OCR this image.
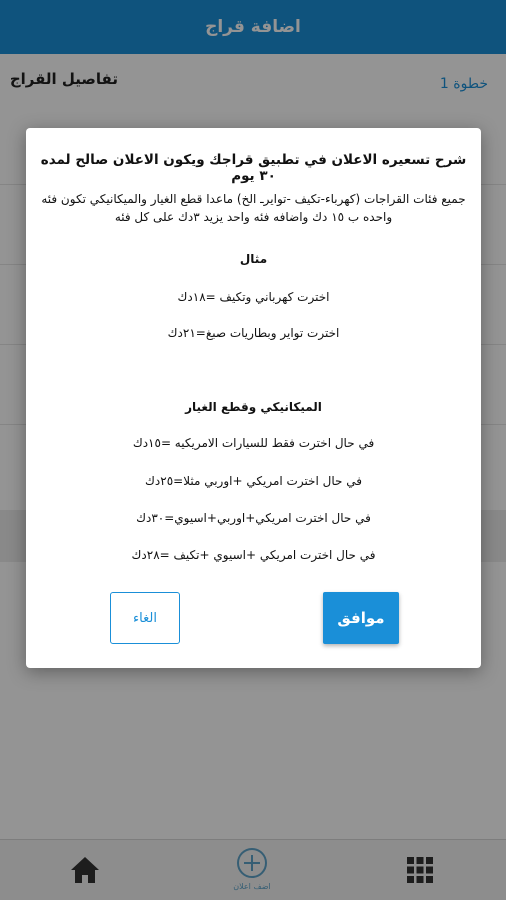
اضافة قراج
تفاصيل القراج	خطوة 1
اضف اعلان
شرح تسعيره الاعلان في تطبيق قراجك ويكون الاعلان صالح لمده ٣٠ يوم
جميع فئات القراجات (كهرباء-تكيف -توايرـ الخ) ماعدا قطع الغيار والميكانيكي تكون فئه واحده ب ١٥ دك واضافه فئه واحد يزيد ٣دك على كل فئه
مثال
اخترت كهرباني وتكيف =١٨دك
اخترت تواير وبطاريات صبغ=٢١دك
الميكانيكي وقطع الغيار
في حال اخترت فقط للسيارات الامريكيه =١٥دك
في حال اخترت امريكي +اوربي مثلا=٢٥دك
في حال اخترت امريكي+اوربي+اسيوي=٣٠دك
في حال اخترت امريكي +اسيوي +تكيف =٢٨دك
موافق
الغاء
